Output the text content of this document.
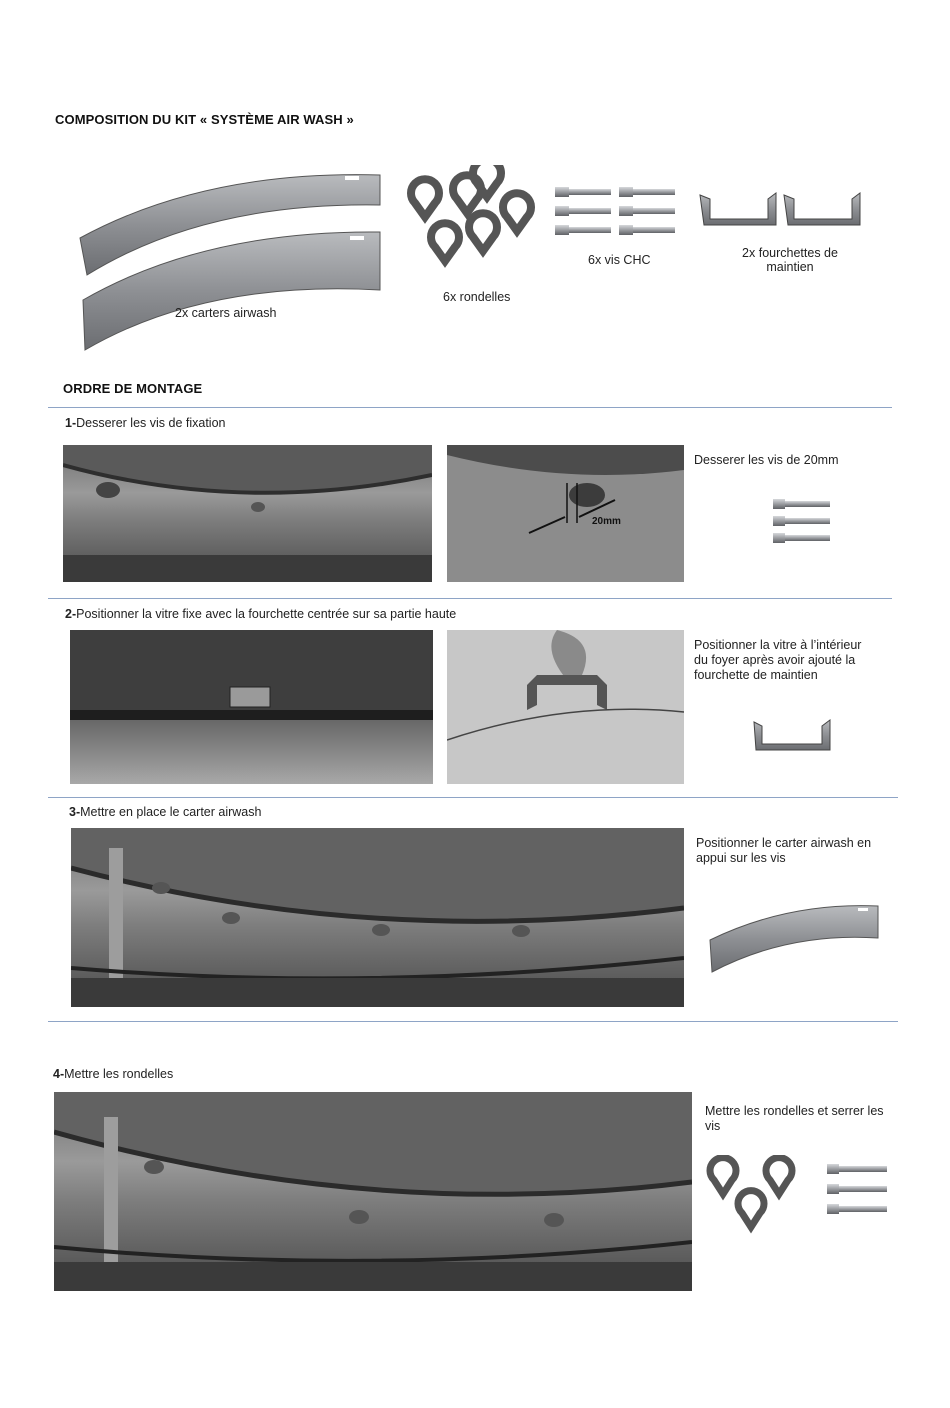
COMPOSITION DU KIT « SYSTÈME AIR WASH »
2x carters airwash
6x rondelles
6x vis CHC	2x fourchettes de maintien
ORDRE DE MONTAGE
1-Desserer les vis de fixation
20mm
Desserer les vis de 20mm
2-Positionner la vitre fixe avec la fourchette centrée sur sa partie haute
Positionner la vitre à l’intérieur du foyer après avoir ajouté la fourchette de maintien
3-Mettre en place le carter airwash
Positionner le carter airwash en appui sur les vis
4-Mettre les rondelles
Mettre les rondelles et serrer les vis
